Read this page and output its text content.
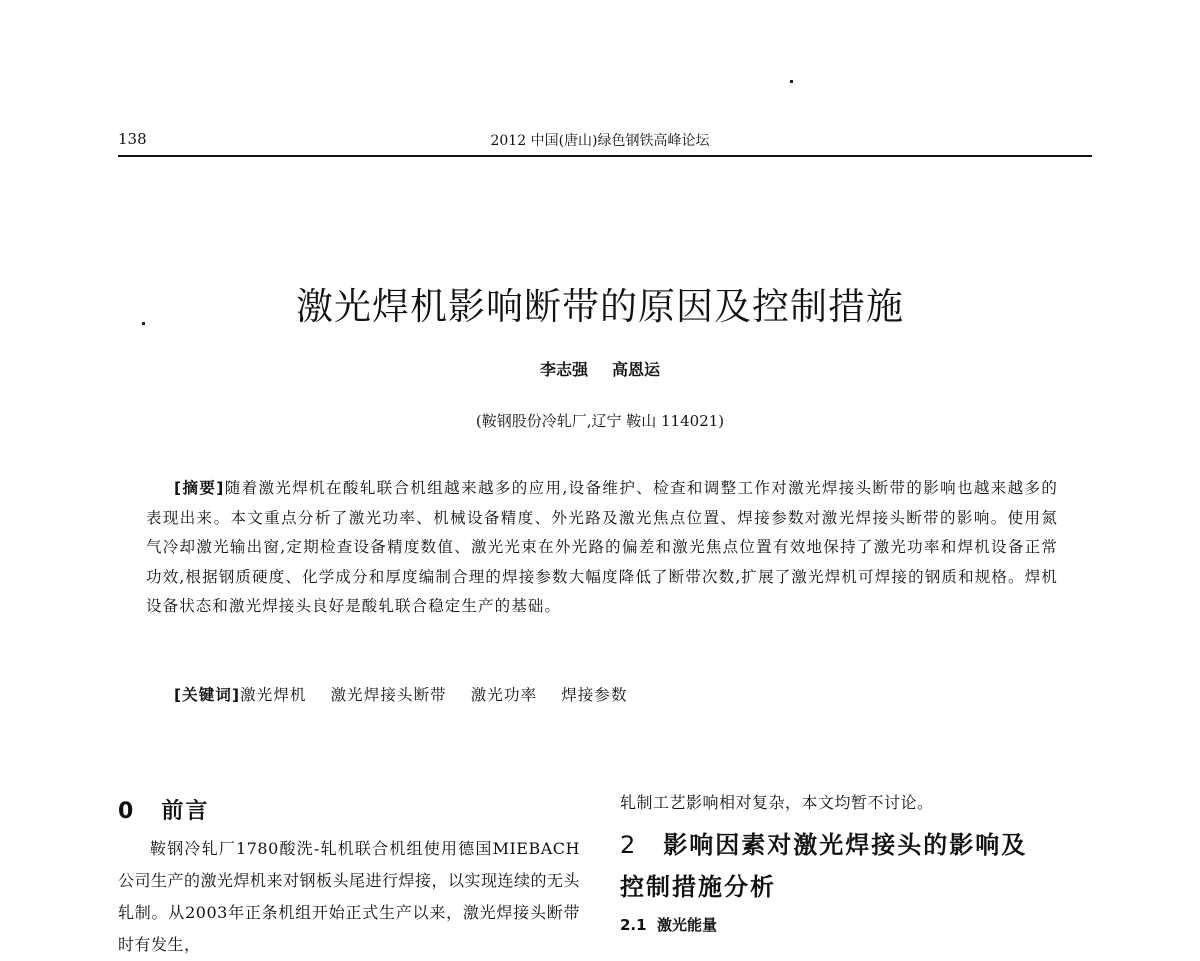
138	2012 中国(唐山)绿色钢铁高峰论坛
激光焊机影响断带的原因及控制措施
李志强 高恩运
(鞍钢股份冷轧厂,辽宁 鞍山 114021)

[摘要]随着激光焊机在酸轧联合机组越来越多的应用,设备维护、检查和调整工作对激光焊接头断带的影响也越来越多的表现出来。本文重点分析了激光功率、机械设备精度、外光路及激光焦点位置、焊接参数对激光焊接头断带的影响。使用氮气冷却激光输出窗,定期检查设备精度数值、激光光束在外光路的偏差和激光焦点位置有效地保持了激光功率和焊机设备正常功效,根据钢质硬度、化学成分和厚度编制合理的焊接参数大幅度降低了断带次数,扩展了激光焊机可焊接的钢质和规格。焊机设备状态和激光焊接头良好是酸轧联合稳定生产的基础。

[关键词]激光焊机 激光焊接头断带 激光功率 焊接参数
0 前言

鞍钢冷轧厂1780酸洗-轧机联合机组使用德国MIEBACH公司生产的激光焊机来对钢板头尾进行焊接，以实现连续的无头轧制。从2003年正条机组开始正式生产以来，激光焊接头断带时有发生，

轧制工艺影响相对复杂，本文均暂不讨论。

2 影响因素对激光焊接头的影响及
控制措施分析
2.1 激光能量
